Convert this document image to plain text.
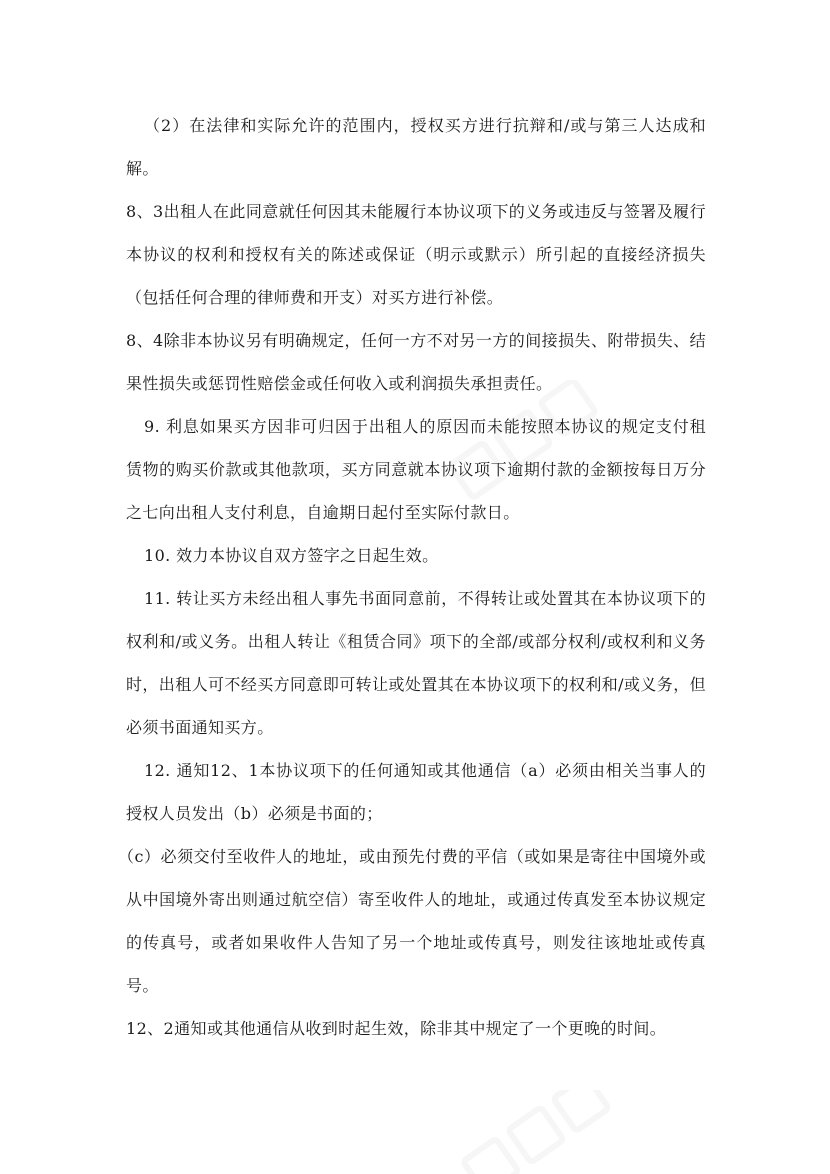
（2）在法律和实际允许的范围内，授权买方进行抗辩和/或与第三人达成和解。

8、3出租人在此同意就任何因其未能履行本协议项下的义务或违反与签署及履行本协议的权利和授权有关的陈述或保证（明示或默示）所引起的直接经济损失（包括任何合理的律师费和开支）对买方进行补偿。

8、4除非本协议另有明确规定，任何一方不对另一方的间接损失、附带损失、结果性损失或惩罚性赔偿金或任何收入或利润损失承担责任。

9. 利息如果买方因非可归因于出租人的原因而未能按照本协议的规定支付租赁物的购买价款或其他款项，买方同意就本协议项下逾期付款的金额按每日万分之七向出租人支付利息，自逾期日起付至实际付款日。

10. 效力本协议自双方签字之日起生效。

11. 转让买方未经出租人事先书面同意前，不得转让或处置其在本协议项下的权利和/或义务。出租人转让《租赁合同》项下的全部/或部分权利/或权利和义务时，出租人可不经买方同意即可转让或处置其在本协议项下的权利和/或义务，但必须书面通知买方。

12. 通知12、1本协议项下的任何通知或其他通信（a）必须由相关当事人的授权人员发出（b）必须是书面的；

（c）必须交付至收件人的地址，或由预先付费的平信（或如果是寄往中国境外或从中国境外寄出则通过航空信）寄至收件人的地址，或通过传真发至本协议规定的传真号，或者如果收件人告知了另一个地址或传真号，则发往该地址或传真号。

12、2通知或其他通信从收到时起生效，除非其中规定了一个更晚的时间。
